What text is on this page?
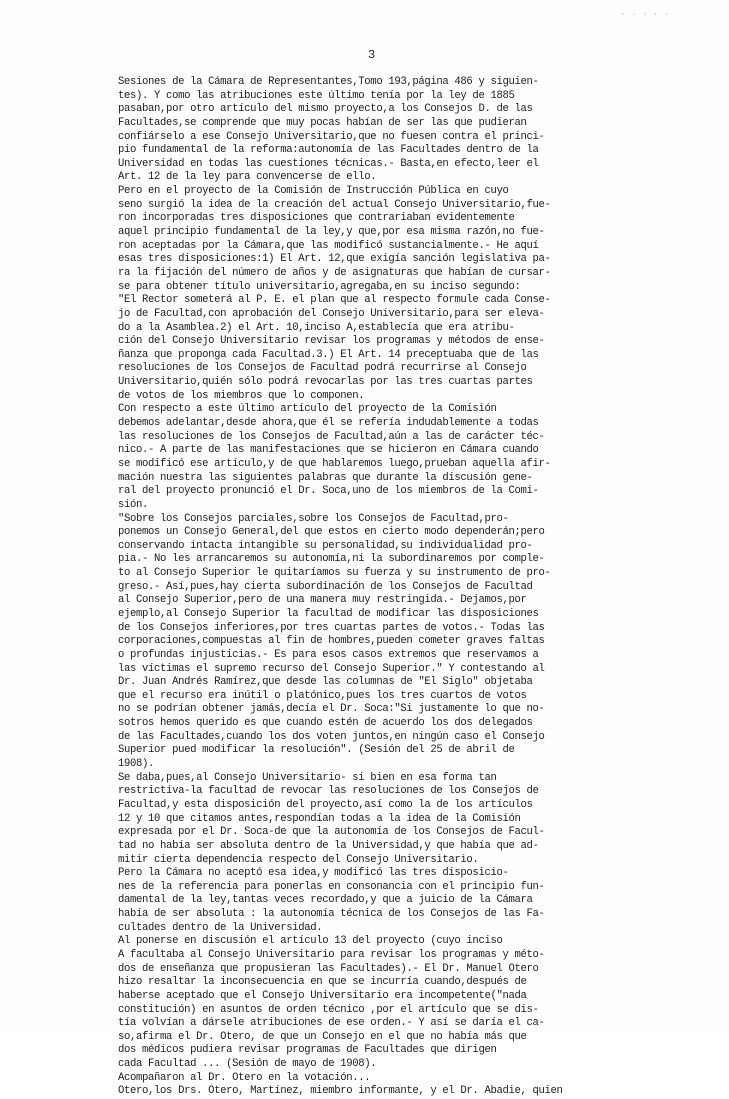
· · · · ·
3
Sesiones de la Cámara de Representantes,Tomo 193,página 486 y siguien-
tes). Y como las atribuciones este último tenía por la ley de 1885
pasaban,por otro artículo del mismo proyecto,a los Consejos D. de las
Facultades,se comprende que muy pocas habían de ser las que pudieran
confiárselo a ese Consejo Universitario,que no fuesen contra el princi-
pio fundamental de la reforma:autonomía de las Facultades dentro de la
Universidad en todas las cuestiones técnicas.- Basta,en efecto,leer el
Art. 12 de la ley para convencerse de ello.
Pero en el proyecto de la Comisión de Instrucción Pública en cuyo
seno surgió la idea de la creación del actual Consejo Universitario,fue-
ron incorporadas tres disposiciones que contrariaban evidentemente
aquel principio fundamental de la ley,y que,por esa misma razón,no fue-
ron aceptadas por la Cámara,que las modificó sustancialmente.- He aquí
esas tres disposiciones:1) El Art. 12,que exigía sanción legislativa pa-
ra la fijación del número de años y de asignaturas que habían de cursar-
se para obtener título universitario,agregaba,en su inciso segundo:
"El Rector someterá al P. E. el plan que al respecto formule cada Conse-
jo de Facultad,con aprobación del Consejo Universitario,para ser eleva-
do a la Asamblea.2) el Art. 10,inciso A,establecía que era atribu-
ción del Consejo Universitario revisar los programas y métodos de ense-
ñanza que proponga cada Facultad.3.) El Art. 14 preceptuaba que de las
resoluciones de los Consejos de Facultad podrá recurrirse al Consejo
Universitario,quién sólo podrá revocarlas por las tres cuartas partes
de votos de los miembros que lo componen.
Con respecto a este último artículo del proyecto de la Comisión
debemos adelantar,desde ahora,que él se refería indudablemente a todas
las resoluciones de los Consejos de Facultad,aún a las de carácter téc-
nico.- A parte de las manifestaciones que se hicieron en Cámara cuando
se modificó ese artículo,y de que hablaremos luego,prueban aquella afir-
mación nuestra las siguientes palabras que durante la discusión gene-
ral del proyecto pronunció el Dr. Soca,uno de los miembros de la Comi-
sión.
"Sobre los Consejos parciales,sobre los Consejos de Facultad,pro-
ponemos un Consejo General,del que estos en cierto modo dependerán;pero
conservando intacta intangible su personalidad,su individualidad pro-
pia.- No les arrancaremos su autonomía,ni la subordinaremos por comple-
to al Consejo Superior le quitaríamos su fuerza y su instrumento de pro-
greso.- Así,pues,hay cierta subordinación de los Consejos de Facultad
al Consejo Superior,pero de una manera muy restringida.- Dejamos,por
ejemplo,al Consejo Superior la facultad de modificar las disposiciones
de los Consejos inferiores,por tres cuartas partes de votos.- Todas las
corporaciones,compuestas al fin de hombres,pueden cometer graves faltas
o profundas injusticias.- Es para esos casos extremos que reservamos a
las víctimas el supremo recurso del Consejo Superior." Y contestando al
Dr. Juan Andrés Ramírez,que desde las columnas de "El Siglo" objetaba
que el recurso era inútil o platónico,pues los tres cuartos de votos
no se podrían obtener jamás,decía el Dr. Soca:"Si justamente lo que no-
sotros hemos querido es que cuando estén de acuerdo los dos delegados
de las Facultades,cuando los dos voten juntos,en ningún caso el Consejo
Superior pued modificar la resolución". (Sesión del 25 de abril de
1908).
Se daba,pues,al Consejo Universitario- si bien en esa forma tan
restrictiva-la facultad de revocar las resoluciones de los Consejos de
Facultad,y esta disposición del proyecto,así como la de los artículos
12 y 10 que citamos antes,respondían todas a la idea de la Comisión
expresada por el Dr. Soca-de que la autonomía de los Consejos de Facul-
tad no había ser absoluta dentro de la Universidad,y que había que ad-
mitir cierta dependencia respecto del Consejo Universitario.
Pero la Cámara no aceptó esa idea,y modificó las tres disposicio-
nes de la referencia para ponerlas en consonancia con el principio fun-
damental de la ley,tantas veces recordado,y que a juicio de la Cámara
había de ser absoluta : la autonomía técnica de los Consejos de las Fa-
cultades dentro de la Universidad.
Al ponerse en discusión el artículo 13 del proyecto (cuyo inciso
A facultaba al Consejo Universitario para revisar los programas y méto-
dos de enseñanza que propusieran las Facultades).- El Dr. Manuel Otero
hizo resaltar la inconsecuencia en que se incurría cuando,después de
haberse aceptado que el Consejo Universitario era incompetente("nada
constitución) en asuntos de orden técnico ,por el artículo que se dis-
tía volvían a dársele atribuciones de ese orden.- Y así se daría el ca-
so,afirma el Dr. Otero, de que un Consejo en el que no había más que
dos médicos pudiera revisar programas de Facultades que dirigen
cada Facultad ... (Sesión de mayo de 1908).
Acompañaron al Dr. Otero en la votación...
Otero,los Drs. Otero, Martínez, miembro informante, y el Dr. Abadie, quien
